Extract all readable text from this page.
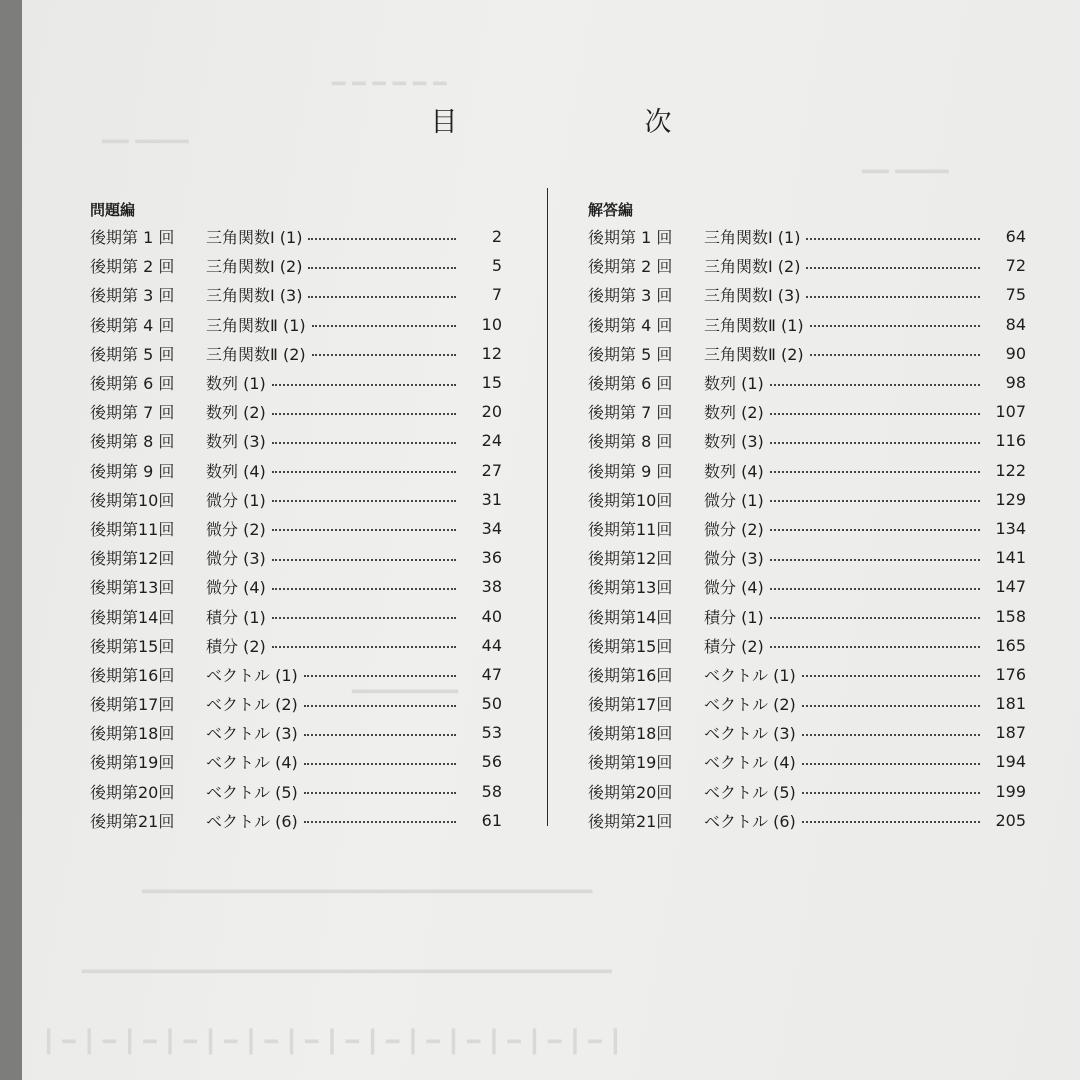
━ ━ ━ ━ ━ ━
━━ ━━━━
━━ ━━━━
━━━━━━━━
━━━━━━━━━━━━━━━━━━━━━━━━━━━━━━━━━━
━━━━━━━━━━━━━━━━━━━━━━━━━━━━━━━━━━━━━━━━
┃ ━ ┃ ━ ┃ ━ ┃ ━ ┃ ━ ┃ ━ ┃ ━ ┃ ━ ┃ ━ ┃ ━ ┃ ━ ┃ ━ ┃ ━ ┃ ━ ┃
目　次
問題編
後期第 1 回	三角関数Ⅰ (1)	2
後期第 2 回	三角関数Ⅰ (2)	5
後期第 3 回	三角関数Ⅰ (3)	7
後期第 4 回	三角関数Ⅱ (1)	10
後期第 5 回	三角関数Ⅱ (2)	12
後期第 6 回	数列 (1)	15
後期第 7 回	数列 (2)	20
後期第 8 回	数列 (3)	24
後期第 9 回	数列 (4)	27
後期第10回	微分 (1)	31
後期第11回	微分 (2)	34
後期第12回	微分 (3)	36
後期第13回	微分 (4)	38
後期第14回	積分 (1)	40
後期第15回	積分 (2)	44
後期第16回	ベクトル (1)	47
後期第17回	ベクトル (2)	50
後期第18回	ベクトル (3)	53
後期第19回	ベクトル (4)	56
後期第20回	ベクトル (5)	58
後期第21回	ベクトル (6)	61
解答編
後期第 1 回	三角関数Ⅰ (1)	64
後期第 2 回	三角関数Ⅰ (2)	72
後期第 3 回	三角関数Ⅰ (3)	75
後期第 4 回	三角関数Ⅱ (1)	84
後期第 5 回	三角関数Ⅱ (2)	90
後期第 6 回	数列 (1)	98
後期第 7 回	数列 (2)	107
後期第 8 回	数列 (3)	116
後期第 9 回	数列 (4)	122
後期第10回	微分 (1)	129
後期第11回	微分 (2)	134
後期第12回	微分 (3)	141
後期第13回	微分 (4)	147
後期第14回	積分 (1)	158
後期第15回	積分 (2)	165
後期第16回	ベクトル (1)	176
後期第17回	ベクトル (2)	181
後期第18回	ベクトル (3)	187
後期第19回	ベクトル (4)	194
後期第20回	ベクトル (5)	199
後期第21回	ベクトル (6)	205
